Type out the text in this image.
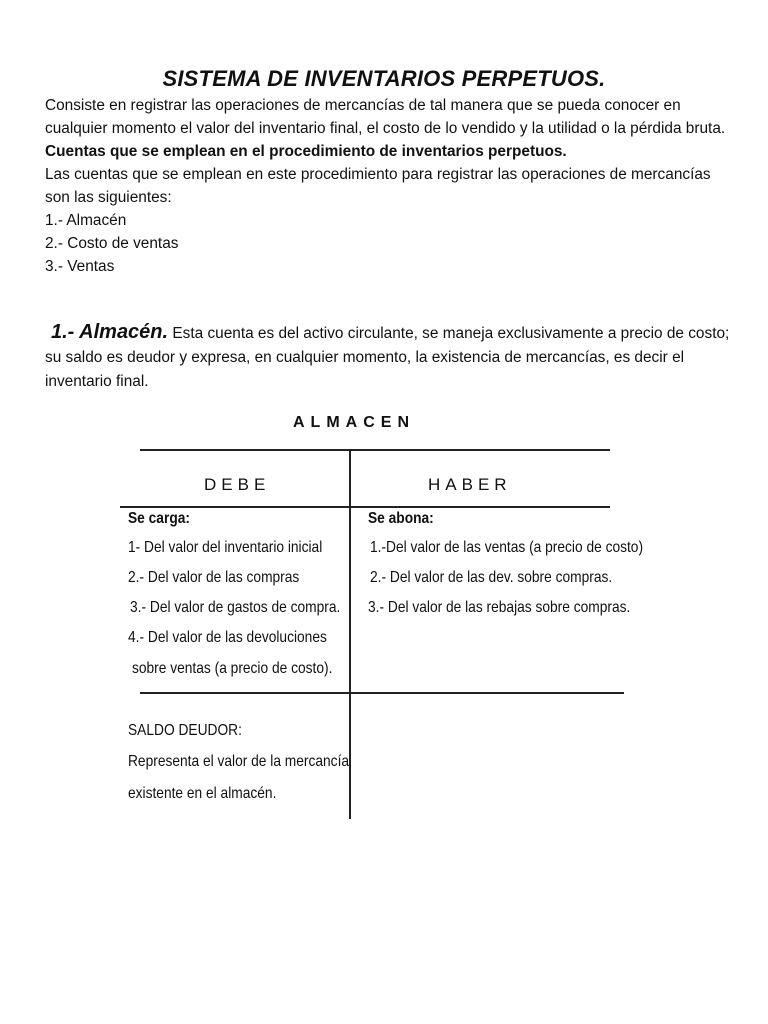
SISTEMA DE INVENTARIOS PERPETUOS.

Consiste en registrar las operaciones de mercancías de tal manera que se pueda conocer en cualquier momento el valor del inventario final, el costo de lo vendido y la utilidad o la pérdida bruta.

Cuentas que se emplean en el procedimiento de inventarios perpetuos.

Las cuentas que se emplean en este procedimiento para registrar las operaciones de mercancías son las siguientes:

1.- Almacén

2.- Costo de ventas

3.- Ventas

1.- Almacén. Esta cuenta es del activo circulante, se maneja exclusivamente a precio de costo; su saldo es deudor y expresa, en cualquier momento, la existencia de mercancías, es decir el inventario final.
ALMACEN
DEBE	HABER
Se carga:
1- Del valor del inventario inicial
2.- Del valor de las compras
3.- Del valor de gastos de compra.
4.- Del valor de las devoluciones
sobre ventas (a precio de costo).
Se abona:
1.-Del valor de las ventas (a precio de costo)
2.- Del valor de las dev. sobre compras.
3.- Del valor de las rebajas sobre compras.
SALDO DEUDOR:
Representa el valor de la mercancía
existente en el almacén.
